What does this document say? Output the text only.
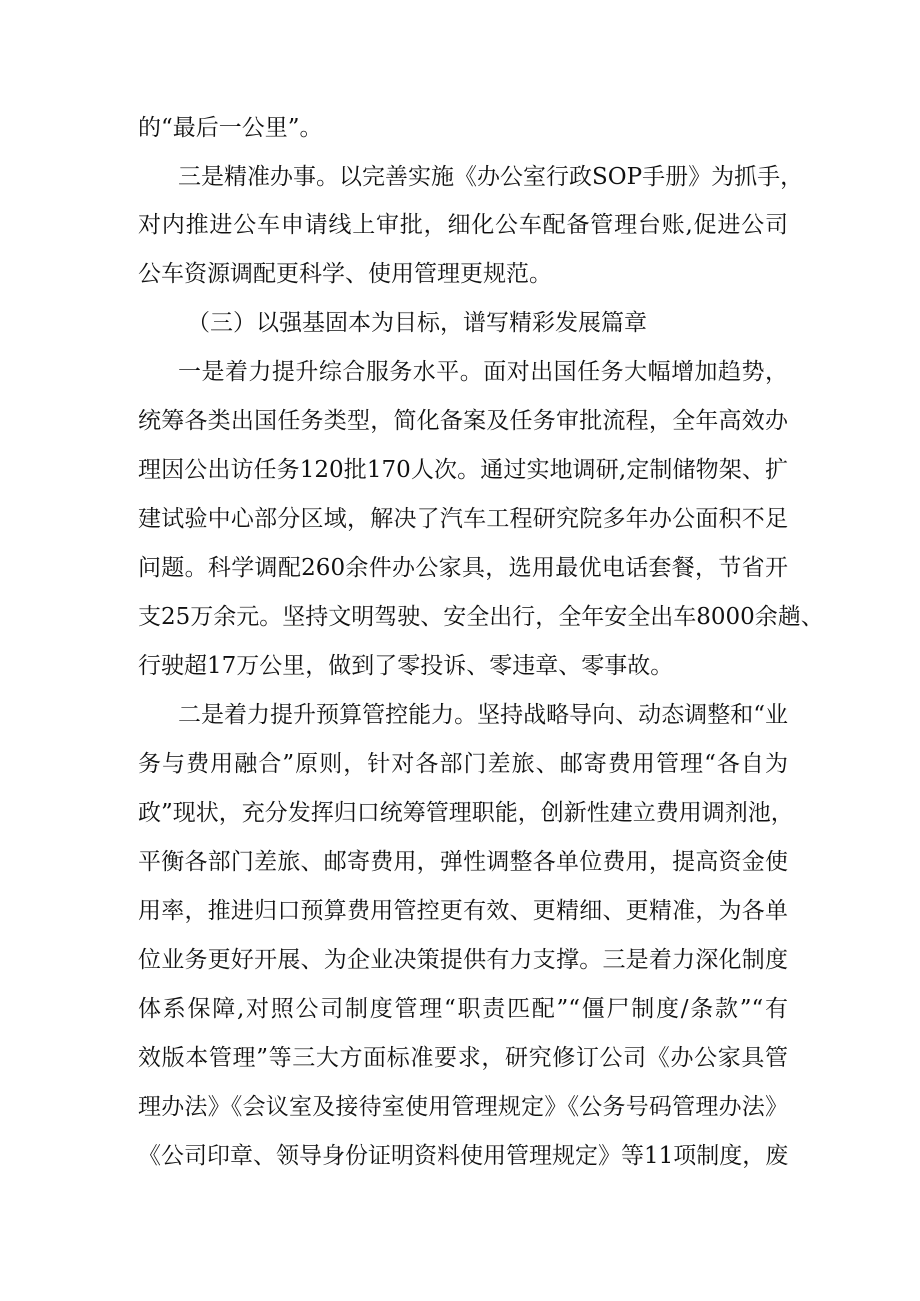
的“最后一公里”。
三是精准办事。以完善实施《办公室行政SOP手册》为抓手，
对内推进公车申请线上审批，细化公车配备管理台账,促进公司
公车资源调配更科学、使用管理更规范。
（三）以强基固本为目标，谱写精彩发展篇章
一是着力提升综合服务水平。面对出国任务大幅增加趋势，
统筹各类出国任务类型，简化备案及任务审批流程，全年高效办
理因公出访任务120批170人次。通过实地调研,定制储物架、扩
建试验中心部分区域，解决了汽车工程研究院多年办公面积不足
问题。科学调配260余件办公家具，选用最优电话套餐，节省开
支25万余元。坚持文明驾驶、安全出行，全年安全出车8000余趟、
行驶超17万公里，做到了零投诉、零违章、零事故。
二是着力提升预算管控能力。坚持战略导向、动态调整和“业
务与费用融合”原则，针对各部门差旅、邮寄费用管理“各自为
政”现状，充分发挥归口统筹管理职能，创新性建立费用调剂池，
平衡各部门差旅、邮寄费用，弹性调整各单位费用，提高资金使
用率，推进归口预算费用管控更有效、更精细、更精准，为各单
位业务更好开展、为企业决策提供有力支撑。三是着力深化制度
体系保障,对照公司制度管理“职责匹配”“僵尸制度/条款”“有
效版本管理”等三大方面标准要求，研究修订公司《办公家具管
理办法》《会议室及接待室使用管理规定》《公务号码管理办法》
《公司印章、领导身份证明资料使用管理规定》等11项制度，废
